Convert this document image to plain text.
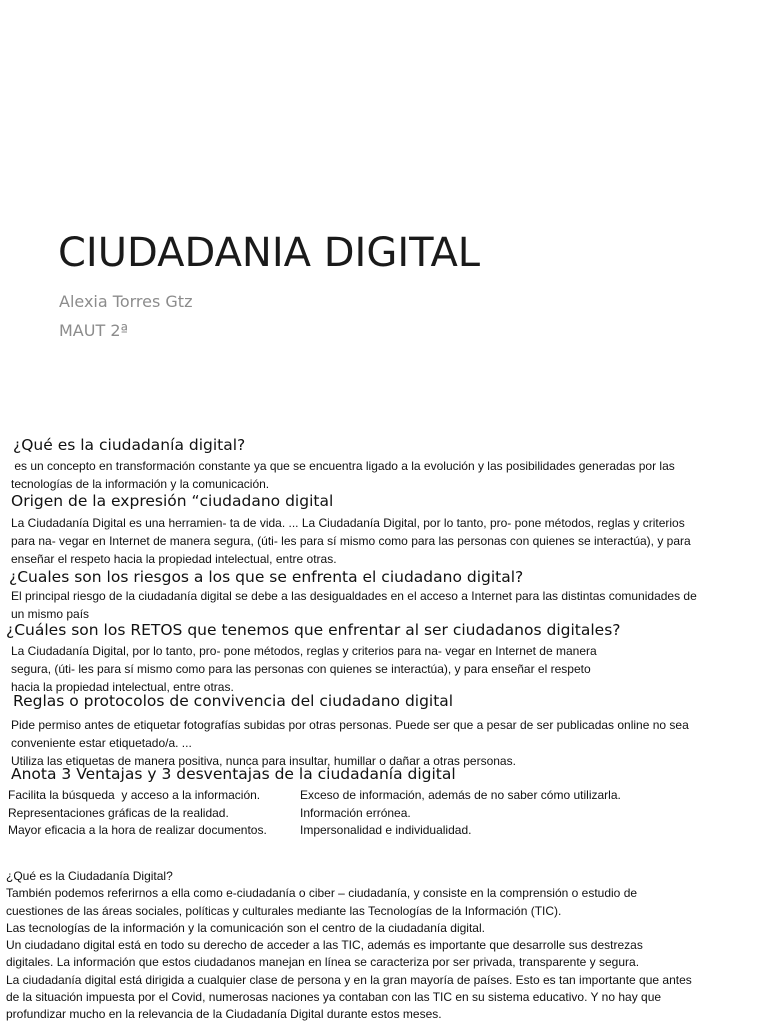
CIUDADANIA DIGITAL
Alexia Torres Gtz
MAUT 2ª
¿Qué es la ciudadanía digital?
es un concepto en transformación constante ya que se encuentra ligado a la evolución y las posibilidades generadas por las
tecnologías de la información y la comunicación.
Origen de la expresión “ciudadano digital
La Ciudadanía Digital es una herramien- ta de vida. ... La Ciudadanía Digital, por lo tanto, pro- pone métodos, reglas y criterios
para na- vegar en Internet de manera segura, (úti- les para sí mismo como para las personas con quienes se interactúa), y para
enseñar el respeto hacia la propiedad intelectual, entre otras.
¿Cuales son los riesgos a los que se enfrenta el ciudadano digital?
El principal riesgo de la ciudadanía digital se debe a las desigualdades en el acceso a Internet para las distintas comunidades de
un mismo país
¿Cuáles son los RETOS que tenemos que enfrentar al ser ciudadanos digitales?
La Ciudadanía Digital, por lo tanto, pro- pone métodos, reglas y criterios para na- vegar en Internet de manera
segura, (úti- les para sí mismo como para las personas con quienes se interactúa), y para enseñar el respeto
hacia la propiedad intelectual, entre otras.
Reglas o protocolos de convivencia del ciudadano digital
Pide permiso antes de etiquetar fotografías subidas por otras personas. Puede ser que a pesar de ser publicadas online no sea
conveniente estar etiquetado/a. ...
Utiliza las etiquetas de manera positiva, nunca para insultar, humillar o dañar a otras personas.
Anota 3 Ventajas y 3 desventajas de la ciudadanía digital
Facilita la búsqueda  y acceso a la información.
Representaciones gráficas de la realidad.
Mayor eficacia a la hora de realizar documentos.
Exceso de información, además de no saber cómo utilizarla.
Información errónea.
Impersonalidad e individualidad.
¿Qué es la Ciudadanía Digital?
También podemos referirnos a ella como e-ciudadanía o ciber – ciudadanía, y consiste en la comprensión o estudio de
cuestiones de las áreas sociales, políticas y culturales mediante las Tecnologías de la Información (TIC).
Las tecnologías de la información y la comunicación son el centro de la ciudadanía digital.
Un ciudadano digital está en todo su derecho de acceder a las TIC, además es importante que desarrolle sus destrezas
digitales. La información que estos ciudadanos manejan en línea se caracteriza por ser privada, transparente y segura.
La ciudadanía digital está dirigida a cualquier clase de persona y en la gran mayoría de países. Esto es tan importante que antes
de la situación impuesta por el Covid, numerosas naciones ya contaban con las TIC en su sistema educativo. Y no hay que
profundizar mucho en la relevancia de la Ciudadanía Digital durante estos meses.
